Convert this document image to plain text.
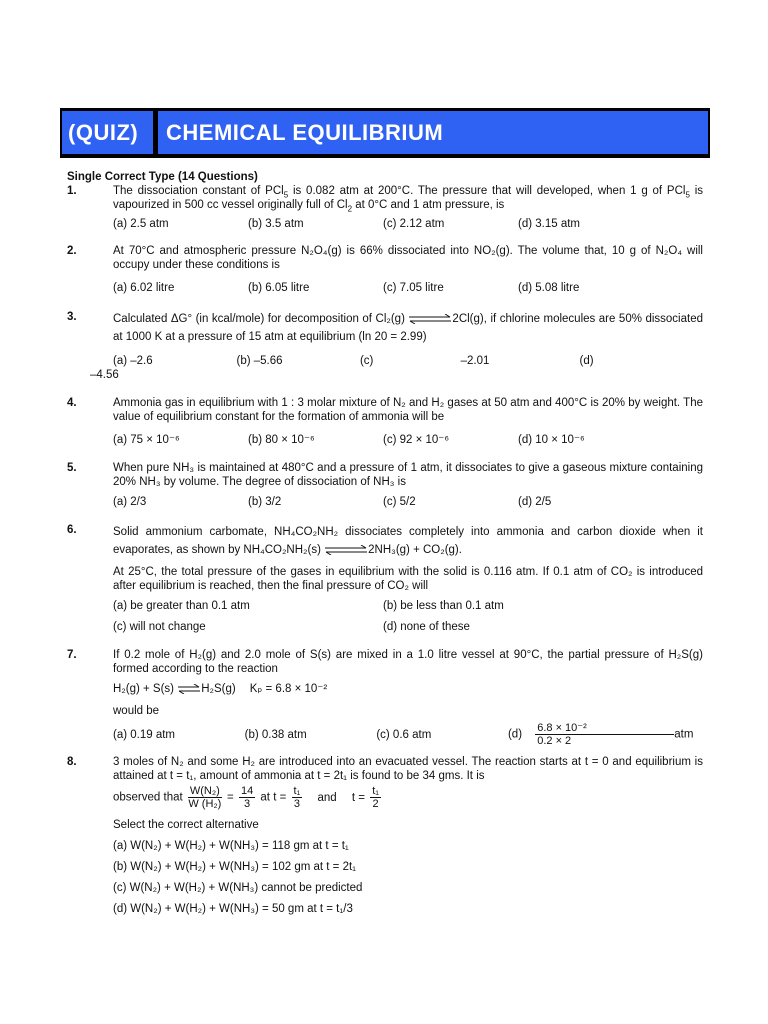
(QUIZ) CHEMICAL EQUILIBRIUM
Single Correct Type (14 Questions)
1.	The dissociation constant of PCl$_5$ is 0.082 atm at 200°C. The pressure that will developed, when 1 g of PCl$_5$ is vapourized in 500 cc vessel originally full of $Cl_2$ at 0°C and 1 atm pressure, is
(a) 2.5 atm	(b) 3.5 atm	(c) 2.12 atm	(d) 3.15 atm
2.	At 70°C and atmospheric pressure N₂O₄(g) is 66% dissociated into NO₂(g). The volume that, 10 g of N₂O₄ will occupy under these conditions is
(a) 6.02 litre	(b) 6.05 litre	(c) 7.05 litre	(d) 5.08 litre
3.	Calculated ΔG° (in kcal/mole) for decomposition of Cl₂(g) ⇌2Cl(g), if chlorine molecules are 50% dissociated at 1000 K at a pressure of 15 atm at equilibrium (ln 20 = 2.99)
(a) –2.6	(b) –5.66	(c)	–2.01	(d)
–4.56
4.	Ammonia gas in equilibrium with 1 : 3 molar mixture of N₂ and H₂ gases at 50 atm and 400°C is 20% by weight. The value of equilibrium constant for the formation of ammonia will be
(a) 75 × 10⁻⁶	(b) 80 × 10⁻⁶	(c) 92 × 10⁻⁶	(d) 10 × 10⁻⁶
5.	When pure NH₃ is maintained at 480°C and a pressure of 1 atm, it dissociates to give a gaseous mixture containing 20% NH₃ by volume. The degree of dissociation of NH₃ is
(a) 2/3	(b) 3/2	(c) 5/2	(d) 2/5
6.	Solid ammonium carbomate, NH₄CO₂NH₂ dissociates completely into ammonia and carbon dioxide when it evaporates, as shown by NH₄CO₂NH₂(s) ⇌2NH₃(g) + CO₂(g).
At 25°C, the total pressure of the gases in equilibrium with the solid is 0.116 atm. If 0.1 atm of CO₂ is introduced after equilibrium is reached, then the final pressure of CO₂ will
(a) be greater than 0.1 atm	(b) be less than 0.1 atm
(c) will not change	(d) none of these
7.	If 0.2 mole of H₂(g) and 2.0 mole of S(s) are mixed in a 1.0 litre vessel at 90°C, the partial pressure of H₂S(g) formed according to the reaction
H₂(g) + S(s) ⇌H₂S(g) Kₚ = 6.8 × 10⁻²
would be
(a) 0.19 atm	(b) 0.38 atm	(c) 0.6 atm	$(d) \frac{\text{6.8 × 10⁻²}}{0.2 \times 2}$ atm
8.	3 moles of N₂ and some H₂ are introduced into an evacuated vessel. The reaction starts at t = 0 and equilibrium is attained at t = t₁, amount of ammonia at t = 2t₁ is found to be 34 gms. It is
observed that $\frac{\text{W(N₂)}}{\text{W (H₂)}} = \frac{14}{3}$ at $t = \frac{\text{t₁}}{3}$ and $t = \frac{\text{t₁}}{2}$
Select the correct alternative
(a) W(N₂) + W(H₂) + W(NH₃) = 118 gm at t = t₁
(b) W(N₂) + W(H₂) + W(NH₃) = 102 gm at t = 2t₁
(c) W(N₂) + W(H₂) + W(NH₃) cannot be predicted
(d) W(N₂) + W(H₂) + W(NH₃) = 50 gm at t = t₁/3
